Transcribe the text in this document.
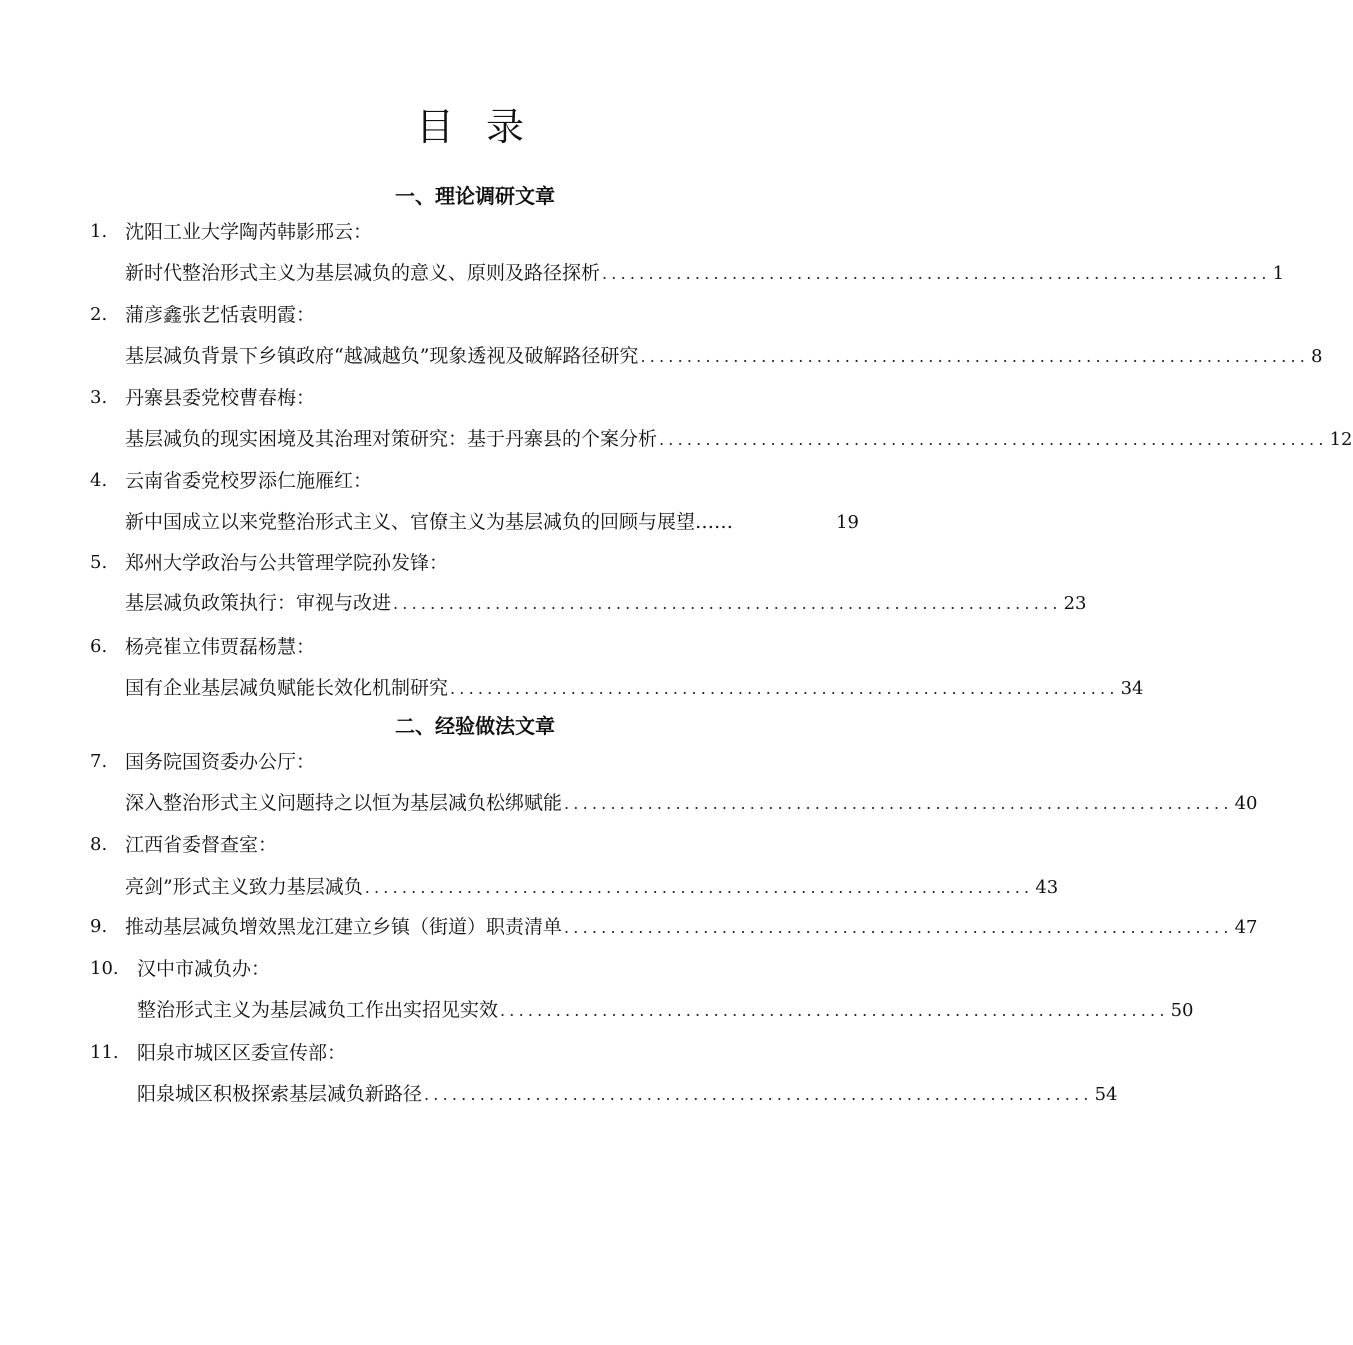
目 录
一、理论调研文章
1. 沈阳工业大学陶芮韩影邢云：
新时代整治形式主义为基层减负的意义、原则及路径探析 ........................................................................ 1
2. 蒲彦鑫张艺恬袁明霞：
基层减负背景下乡镇政府“越减越负”现象透视及破解路径研究 ........................................................................ 8
3. 丹寨县委党校曹春梅：
基层减负的现实困境及其治理对策研究：基于丹寨县的个案分析 ........................................................................ 12
4. 云南省委党校罗添仁施雁红：
新中国成立以来党整治形式主义、官僚主义为基层减负的回顾与展望……	19
5. 郑州大学政治与公共管理学院孙发锋：
基层减负政策执行：审视与改进 ........................................................................ 23
6. 杨亮崔立伟贾磊杨慧：
国有企业基层减负赋能长效化机制研究 ........................................................................ 34
二、经验做法文章
7. 国务院国资委办公厅：
深入整治形式主义问题持之以恒为基层减负松绑赋能 ........................................................................ 40
8. 江西省委督查室：
亮剑”形式主义致力基层减负 ........................................................................ 43
9. 推动基层减负增效黑龙江建立乡镇（街道）职责清单 ........................................................................ 47
10. 汉中市减负办：
整治形式主义为基层减负工作出实招见实效 ........................................................................ 50
11. 阳泉市城区区委宣传部：
阳泉城区积极探索基层减负新路径 ........................................................................ 54
